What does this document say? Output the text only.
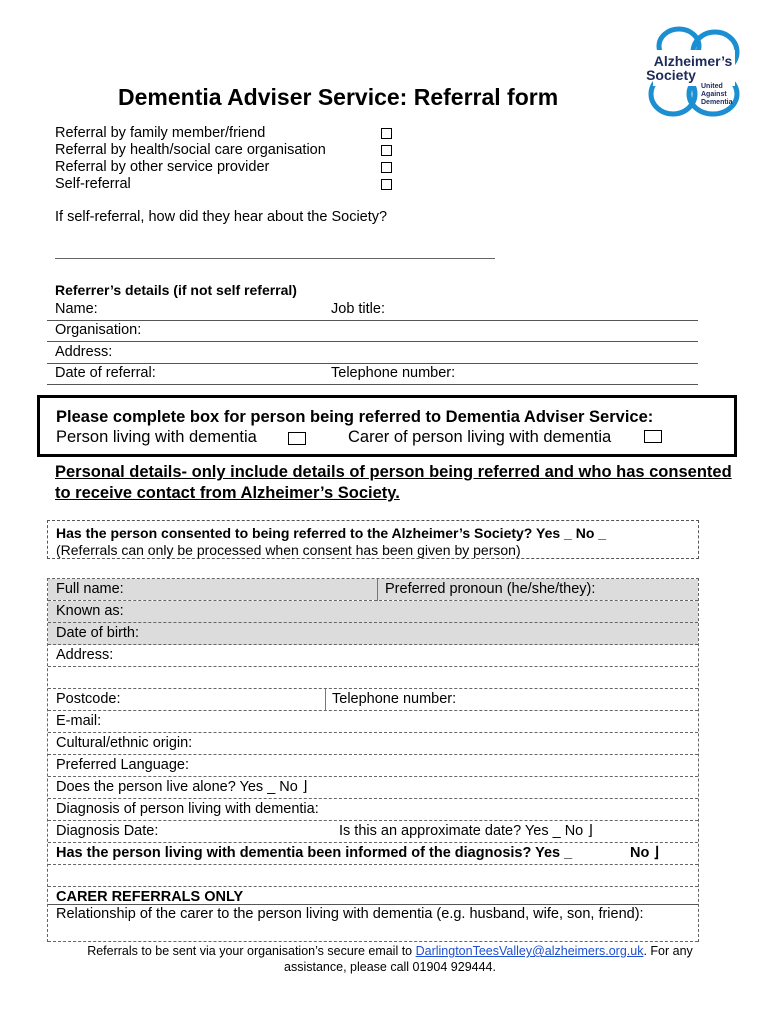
Alzheimer’s
Society
United
Against
Dementia
Dementia Adviser Service: Referral form
Referral by family member/friend
Referral by health/social care organisation
Referral by other service provider
Self-referral
If self-referral, how did they hear about the Society?
Referrer’s details (if not self referral)
Name:	Job title:
Organisation:
Address:
Date of referral:	Telephone number:
Please complete box for person being referred to Dementia Adviser Service:
Person living with dementia	Carer of person living with dementia
Personal details- only include details of person being referred and who has consented to receive contact from Alzheimer’s Society.
Has the person consented to being referred to the Alzheimer’s Society? Yes _ No _
(Referrals can only be processed when consent has been given by person)
Full name:	Preferred pronoun (he/she/they):
Known as:
Date of birth:
Address:
Postcode:	Telephone number:
E-mail:
Cultural/ethnic origin:
Preferred Language:
Does the person live alone? Yes _ No ⌋
Diagnosis of person living with dementia:
Diagnosis Date:	Is this an approximate date? Yes _ No ⌋
Has the person living with dementia been informed of the diagnosis? Yes _	No ⌋
CARER REFERRALS ONLY
Relationship of the carer to the person living with dementia (e.g. husband, wife, son, friend):
Referrals to be sent via your organisation’s secure email to DarlingtonTeesValley@alzheimers.org.uk. For any
assistance, please call 01904 929444.
